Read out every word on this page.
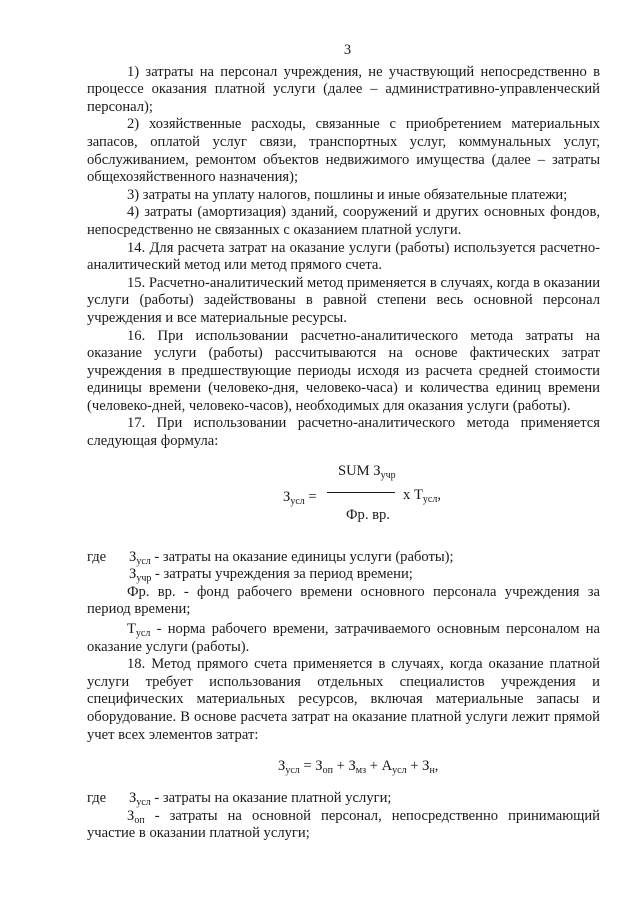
3

1) затраты на персонал учреждения, не участвующий непосредственно в процессе оказания платной услуги (далее – административно-управленческий персонал);

2) хозяйственные расходы, связанные с приобретением материальных запасов, оплатой услуг связи, транспортных услуг, коммунальных услуг, обслуживанием, ремонтом объектов недвижимого имущества (далее – затраты общехозяйственного назначения);

3) затраты на уплату налогов, пошлины и иные обязательные платежи;

4) затраты (амортизация) зданий, сооружений и других основных фондов, непосредственно не связанных с оказанием платной услуги.

14. Для расчета затрат на оказание услуги (работы) используется расчетно-аналитический метод или метод прямого счета.

15. Расчетно-аналитический метод применяется в случаях, когда в оказании услуги (работы) задействованы в равной степени весь основной персонал учреждения и все материальные ресурсы.

16. При использовании расчетно-аналитического метода затраты на оказание услуги (работы) рассчитываются на основе фактических затрат учреждения в предшествующие периоды исходя из расчета средней стоимости единицы времени (человеко-дня, человеко-часа) и количества единиц времени (человеко-дней, человеко-часов), необходимых для оказания услуги (работы).

17. При использовании расчетно-аналитического метода применяется следующая формула:

$З_{усл}$ =
SUM $З_{учр}$
x $Т_{усл}$,
Фр. вр.
где	$З_{усл}$ - затраты на оказание единицы услуги (работы);

$З_{учр}$ - затраты учреждения за период времени;

Фр. вр. - фонд рабочего времени основного персонала учреждения за период времени;

$Т_{усл}$ - норма рабочего времени, затрачиваемого основным персоналом на оказание услуги (работы).

18. Метод прямого счета применяется в случаях, когда оказание платной услуги требует использования отдельных специалистов учреждения и специфических материальных ресурсов, включая материальные запасы и оборудование. В основе расчета затрат на оказание платной услуги лежит прямой учет всех элементов затрат:

$З_{усл} = З_{оп} + З_{мз} + А_{усл} + З_н$,
где	$З_{усл}$ - затраты на оказание платной услуги;

$З_{оп}$ - затраты на основной персонал, непосредственно принимающий участие в оказании платной услуги;
